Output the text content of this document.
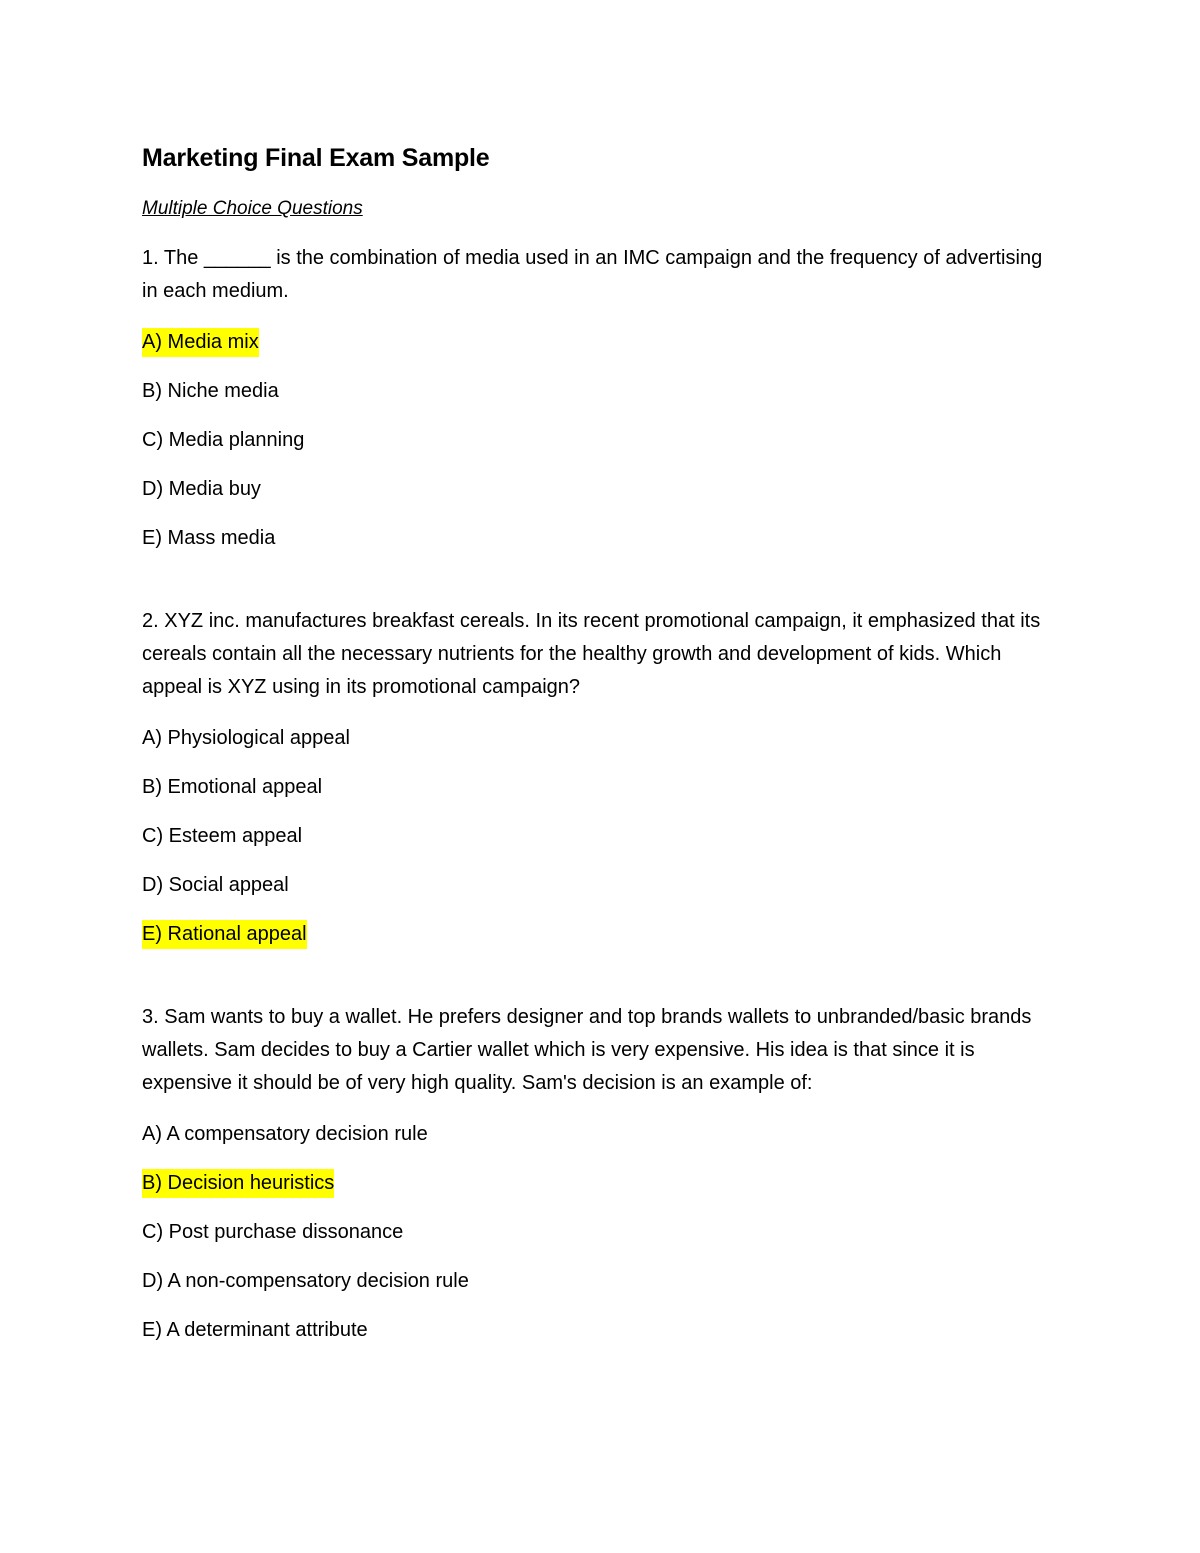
Marketing Final Exam Sample

Multiple Choice Questions

1. The ______ is the combination of media used in an IMC campaign and the frequency of advertising in each medium.

A) Media mix

B) Niche media

C) Media planning

D) Media buy

E) Mass media

2. XYZ inc. manufactures breakfast cereals. In its recent promotional campaign, it emphasized that its cereals contain all the necessary nutrients for the healthy growth and development of kids. Which appeal is XYZ using in its promotional campaign?

A) Physiological appeal

B) Emotional appeal

C) Esteem appeal

D) Social appeal

E) Rational appeal

3. Sam wants to buy a wallet. He prefers designer and top brands wallets to unbranded/basic brands wallets. Sam decides to buy a Cartier wallet which is very expensive. His idea is that since it is expensive it should be of very high quality. Sam's decision is an example of:

A) A compensatory decision rule

B) Decision heuristics

C) Post purchase dissonance

D) A non-compensatory decision rule

E) A determinant attribute
